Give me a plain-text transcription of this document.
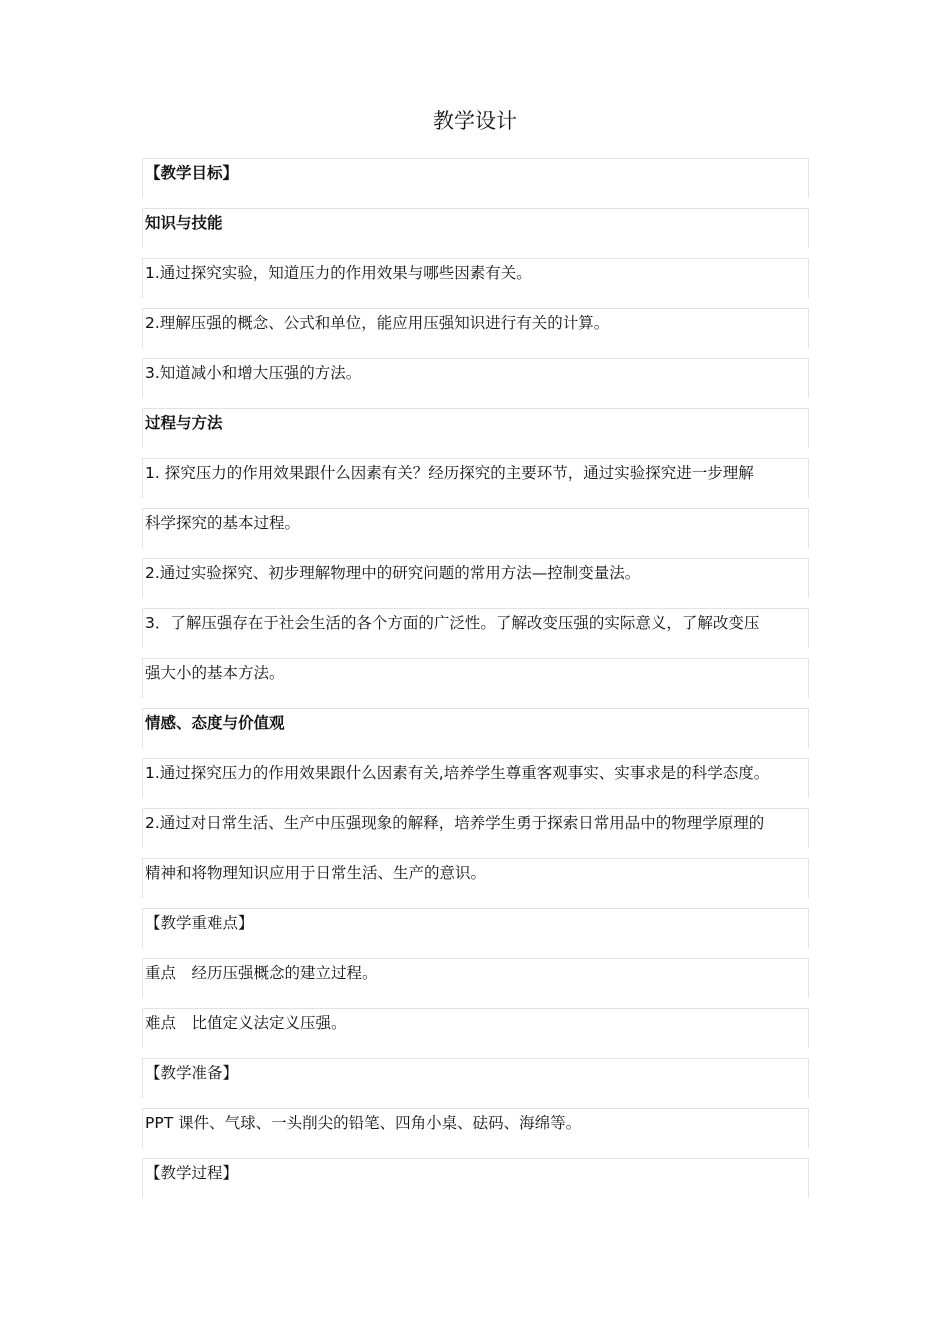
教学设计
【教学目标】
知识与技能
1.通过探究实验，知道压力的作用效果与哪些因素有关。
2.理解压强的概念、公式和单位，能应用压强知识进行有关的计算。
3.知道减小和增大压强的方法。
过程与方法
1. 探究压力的作用效果跟什么因素有关？经历探究的主要环节，通过实验探究进一步理解
科学探究的基本过程。
2.通过实验探究、初步理解物理中的研究问题的常用方法—控制变量法。
3．了解压强存在于社会生活的各个方面的广泛性。了解改变压强的实际意义，了解改变压
强大小的基本方法。
情感、态度与价值观
1.通过探究压力的作用效果跟什么因素有关,培养学生尊重客观事实、实事求是的科学态度。
2.通过对日常生活、生产中压强现象的解释，培养学生勇于探索日常用品中的物理学原理的
精神和将物理知识应用于日常生活、生产的意识。
【教学重难点】
重点　经历压强概念的建立过程。
难点　比值定义法定义压强。
【教学准备】
PPT 课件、气球、一头削尖的铅笔、四角小桌、砝码、海绵等。
【教学过程】
